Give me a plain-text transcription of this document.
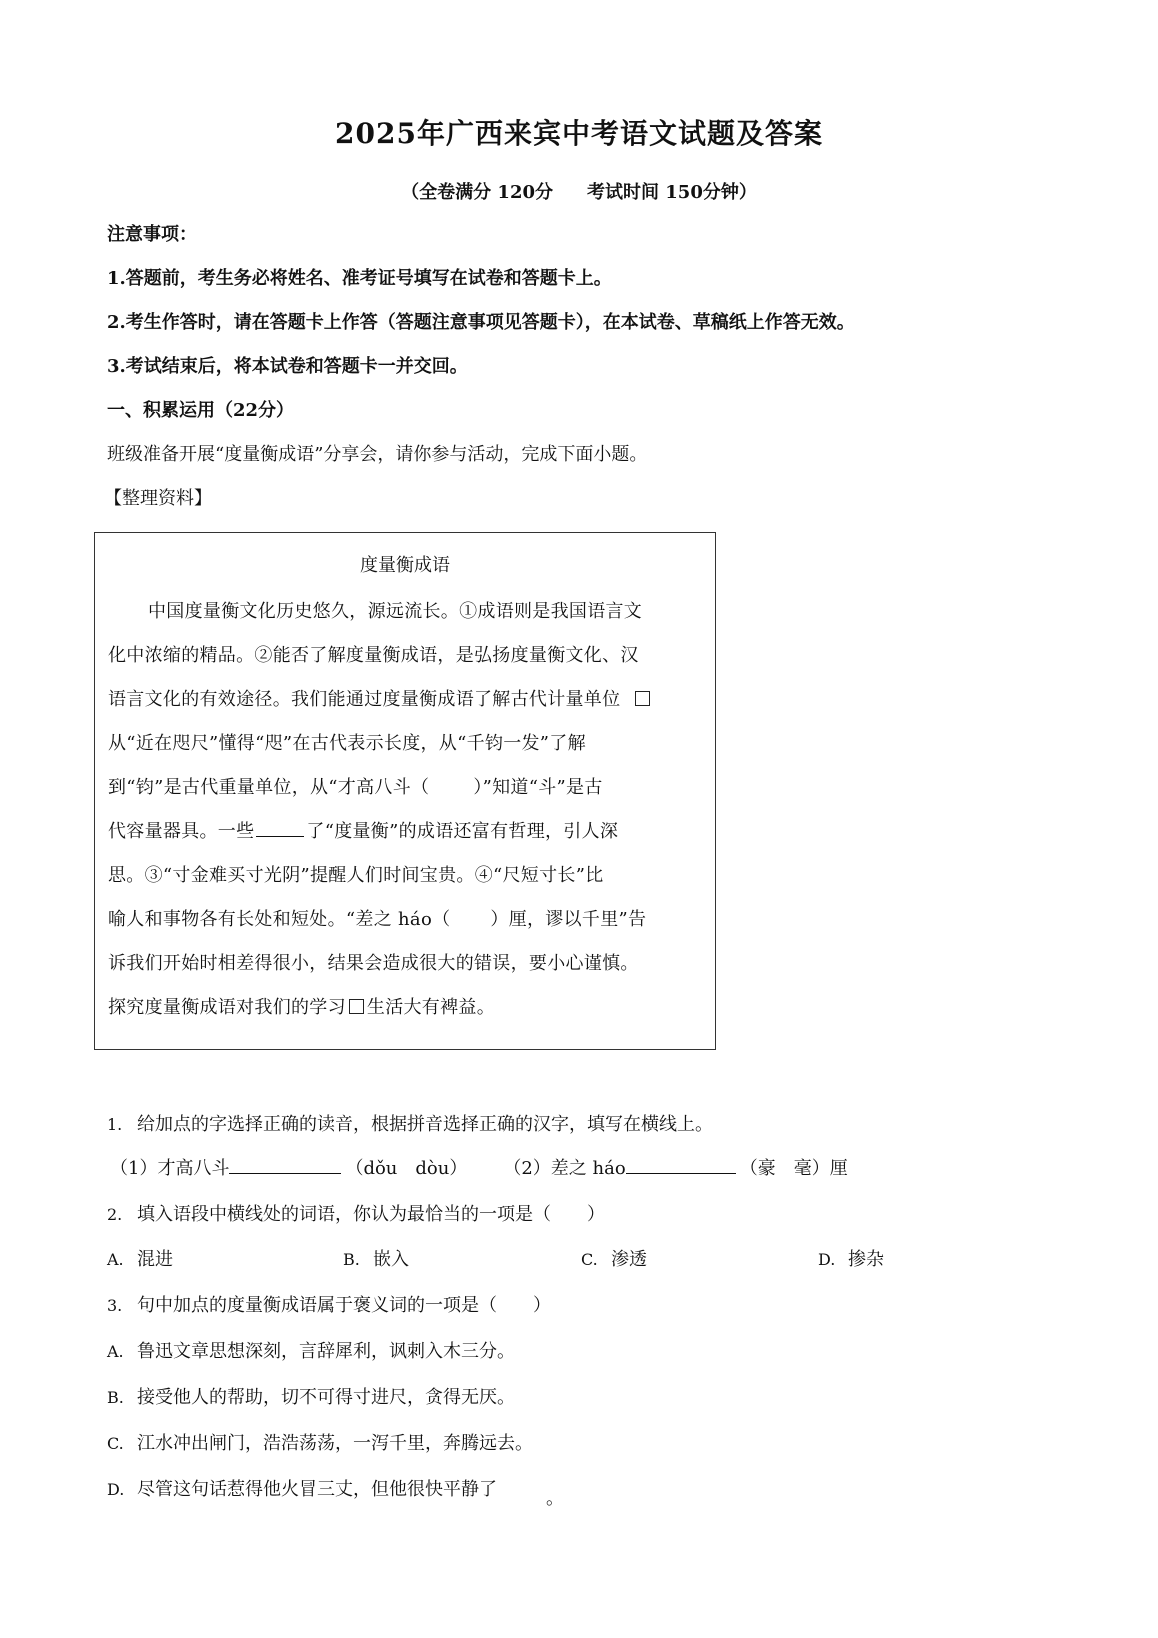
2025年广西来宾中考语文试题及答案
（全卷满分 120分 考试时间 150分钟）
注意事项：
1.答题前，考生务必将姓名、准考证号填写在试卷和答题卡上。
2.考生作答时，请在答题卡上作答（答题注意事项见答题卡），在本试卷、草稿纸上作答无效。
3.考试结束后，将本试卷和答题卡一并交回。
一、积累运用（22分）
班级准备开展“度量衡成语”分享会，请你参与活动，完成下面小题。
【整理资料】
度量衡成语
中国度量衡文化历史悠久，源远流长。①成语则是我国语言文
化中浓缩的精品。②能否了解度量衡成语，是弘扬度量衡文化、汉
语言文化的有效途径。我们能通过度量衡成语了解古代计量单位
从“近在咫尺”懂得“咫”在古代表示长度，从“千钧一发”了解
到“钧”是古代重量单位，从“才高八斗（ ）”知道“斗”是古
代容量器具。一些	了“度量衡”的成语还富有哲理，引人深
思。③“寸金难买寸光阴”提醒人们时间宝贵。④“尺短寸长”比
喻人和事物各有长处和短处。“差之 háo（ ）厘，谬以千里”告
诉我们开始时相差得很小，结果会造成很大的错误，要小心谨慎。
探究度量衡成语对我们的学习 生活大有裨益。
1. 给加点的字选择正确的读音，根据拼音选择正确的汉字，填写在横线上。
（1）才高八斗	（dǒu　dòu） （2）差之 háo	（豪　毫）厘
2. 填入语段中横线处的词语，你认为最恰当的一项是（　　）
A. 混进	B. 嵌入	C. 渗透	D. 掺杂
3. 句中加点的度量衡成语属于褒义词的一项是（　　）
A. 鲁迅文章思想深刻，言辞犀利，讽刺入木三分。
B. 接受他人的帮助，切不可得寸进尺，贪得无厌。
C. 江水冲出闸门，浩浩荡荡，一泻千里，奔腾远去。
D. 尽管这句话惹得他火冒三丈，但他很快平静了	。
